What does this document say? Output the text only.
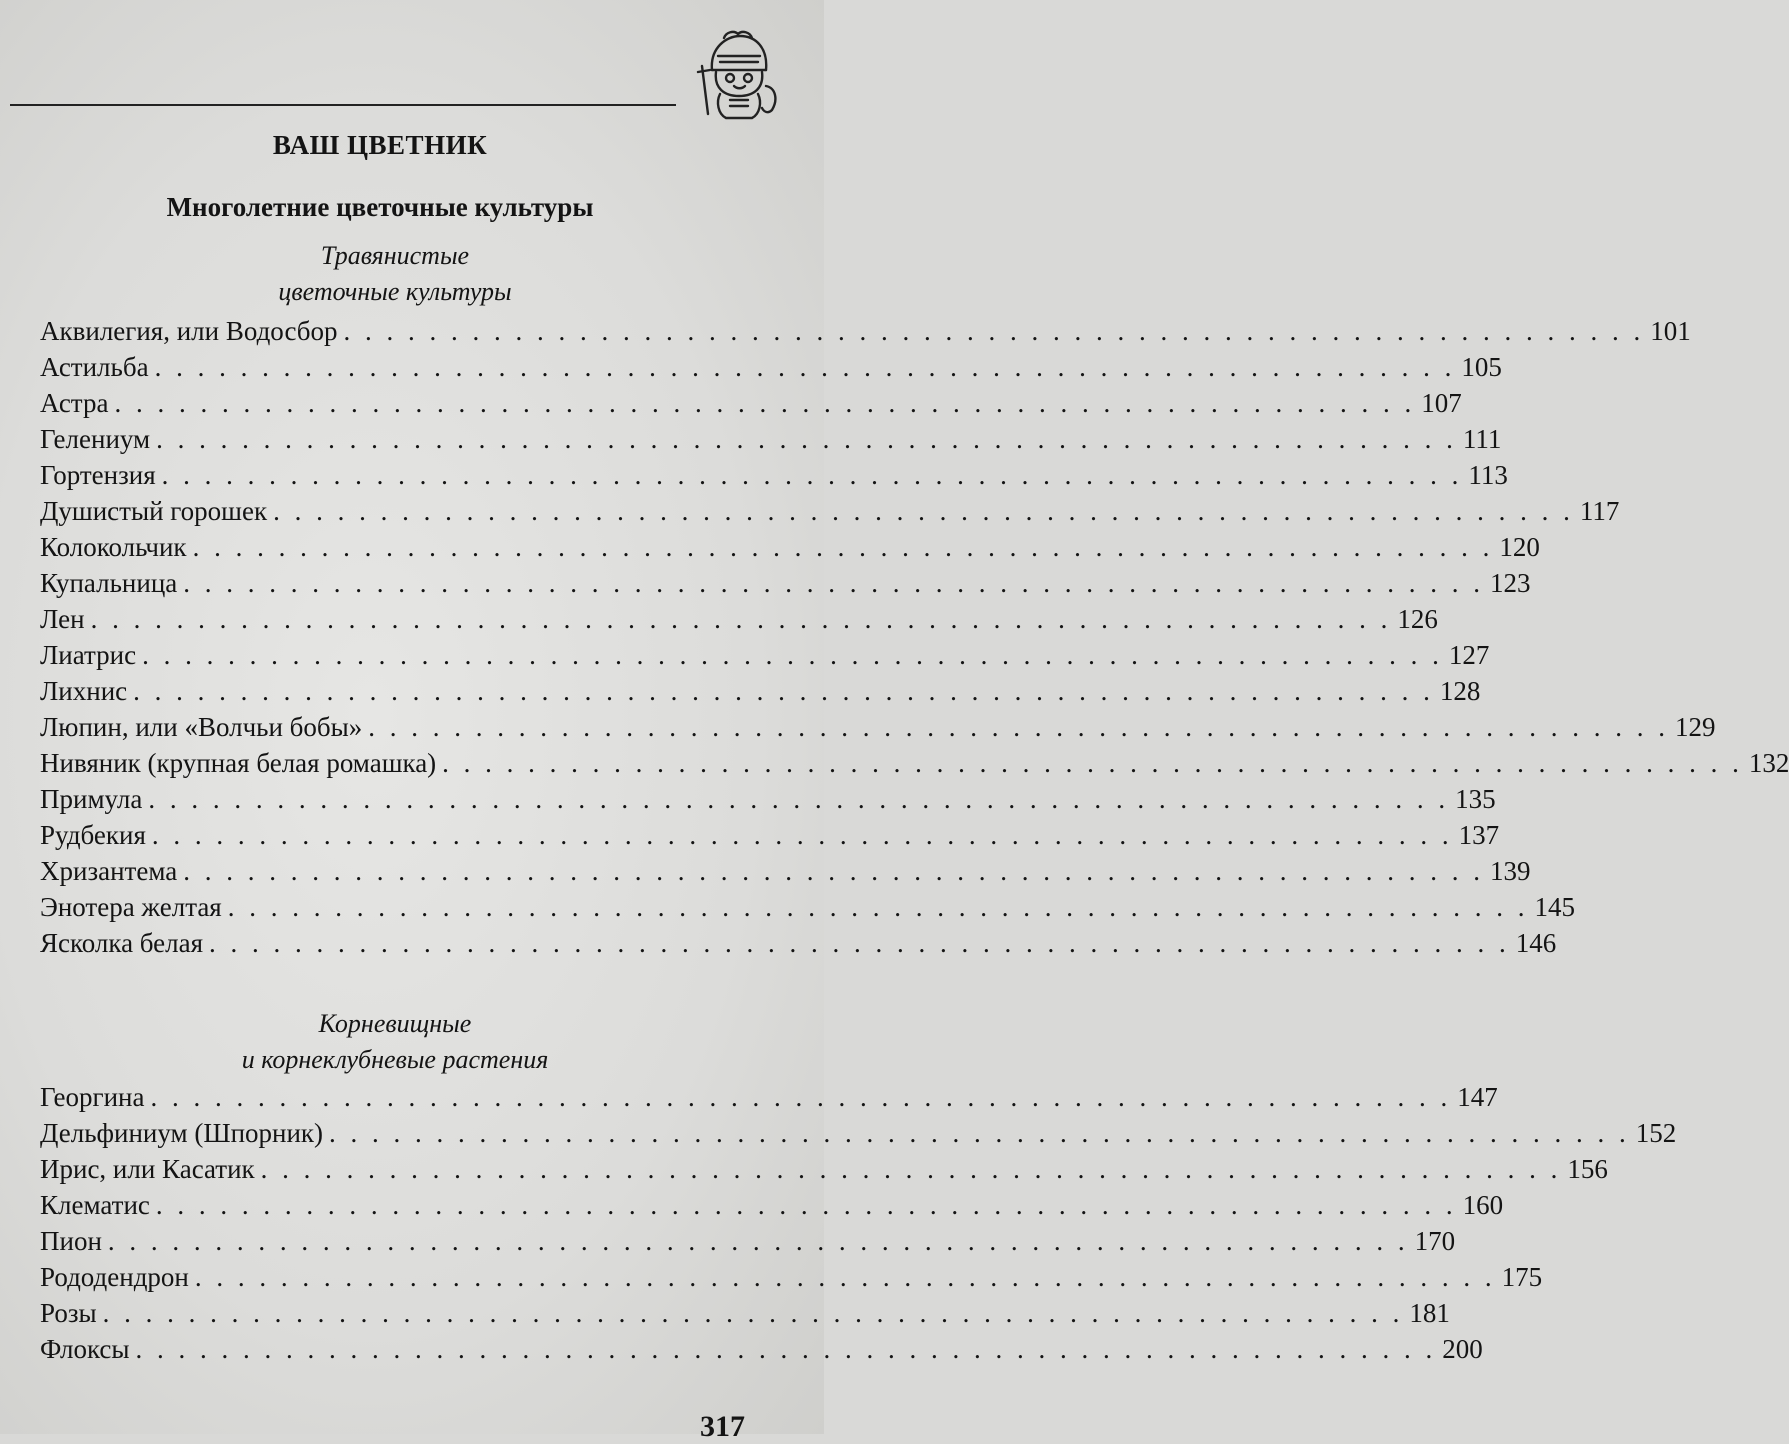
ВАШ ЦВЕТНИК
Многолетние цветочные культуры
Травянистые
цветочные культуры
Аквилегия, или Водосбор . . . . . . . . . . . . . . . . . . . . . . . . . . . . . . . . . . . . . . . . . . . . . . . . . . . . . . . . . . . . . 101
Астильба . . . . . . . . . . . . . . . . . . . . . . . . . . . . . . . . . . . . . . . . . . . . . . . . . . . . . . . . . . . . . 105
Астра . . . . . . . . . . . . . . . . . . . . . . . . . . . . . . . . . . . . . . . . . . . . . . . . . . . . . . . . . . . . . 107
Гелениум . . . . . . . . . . . . . . . . . . . . . . . . . . . . . . . . . . . . . . . . . . . . . . . . . . . . . . . . . . . . . 111
Гортензия . . . . . . . . . . . . . . . . . . . . . . . . . . . . . . . . . . . . . . . . . . . . . . . . . . . . . . . . . . . . . 113
Душистый горошек . . . . . . . . . . . . . . . . . . . . . . . . . . . . . . . . . . . . . . . . . . . . . . . . . . . . . . . . . . . . . 117
Колокольчик . . . . . . . . . . . . . . . . . . . . . . . . . . . . . . . . . . . . . . . . . . . . . . . . . . . . . . . . . . . . . 120
Купальница . . . . . . . . . . . . . . . . . . . . . . . . . . . . . . . . . . . . . . . . . . . . . . . . . . . . . . . . . . . . . 123
Лен . . . . . . . . . . . . . . . . . . . . . . . . . . . . . . . . . . . . . . . . . . . . . . . . . . . . . . . . . . . . . 126
Лиатрис . . . . . . . . . . . . . . . . . . . . . . . . . . . . . . . . . . . . . . . . . . . . . . . . . . . . . . . . . . . . . 127
Лихнис . . . . . . . . . . . . . . . . . . . . . . . . . . . . . . . . . . . . . . . . . . . . . . . . . . . . . . . . . . . . . 128
Люпин, или «Волчьи бобы» . . . . . . . . . . . . . . . . . . . . . . . . . . . . . . . . . . . . . . . . . . . . . . . . . . . . . . . . . . . . . 129
Нивяник (крупная белая ромашка) . . . . . . . . . . . . . . . . . . . . . . . . . . . . . . . . . . . . . . . . . . . . . . . . . . . . . . . . . . . . . 132
Примула . . . . . . . . . . . . . . . . . . . . . . . . . . . . . . . . . . . . . . . . . . . . . . . . . . . . . . . . . . . . . 135
Рудбекия . . . . . . . . . . . . . . . . . . . . . . . . . . . . . . . . . . . . . . . . . . . . . . . . . . . . . . . . . . . . . 137
Хризантема . . . . . . . . . . . . . . . . . . . . . . . . . . . . . . . . . . . . . . . . . . . . . . . . . . . . . . . . . . . . . 139
Энотера желтая . . . . . . . . . . . . . . . . . . . . . . . . . . . . . . . . . . . . . . . . . . . . . . . . . . . . . . . . . . . . . 145
Ясколка белая . . . . . . . . . . . . . . . . . . . . . . . . . . . . . . . . . . . . . . . . . . . . . . . . . . . . . . . . . . . . . 146
Корневищные
и корнеклубневые растения
Георгина . . . . . . . . . . . . . . . . . . . . . . . . . . . . . . . . . . . . . . . . . . . . . . . . . . . . . . . . . . . . . 147
Дельфиниум (Шпорник) . . . . . . . . . . . . . . . . . . . . . . . . . . . . . . . . . . . . . . . . . . . . . . . . . . . . . . . . . . . . . 152
Ирис, или Касатик . . . . . . . . . . . . . . . . . . . . . . . . . . . . . . . . . . . . . . . . . . . . . . . . . . . . . . . . . . . . . 156
Клематис . . . . . . . . . . . . . . . . . . . . . . . . . . . . . . . . . . . . . . . . . . . . . . . . . . . . . . . . . . . . . 160
Пион . . . . . . . . . . . . . . . . . . . . . . . . . . . . . . . . . . . . . . . . . . . . . . . . . . . . . . . . . . . . . 170
Рододендрон . . . . . . . . . . . . . . . . . . . . . . . . . . . . . . . . . . . . . . . . . . . . . . . . . . . . . . . . . . . . . 175
Розы . . . . . . . . . . . . . . . . . . . . . . . . . . . . . . . . . . . . . . . . . . . . . . . . . . . . . . . . . . . . . 181
Флоксы . . . . . . . . . . . . . . . . . . . . . . . . . . . . . . . . . . . . . . . . . . . . . . . . . . . . . . . . . . . . . 200
317
